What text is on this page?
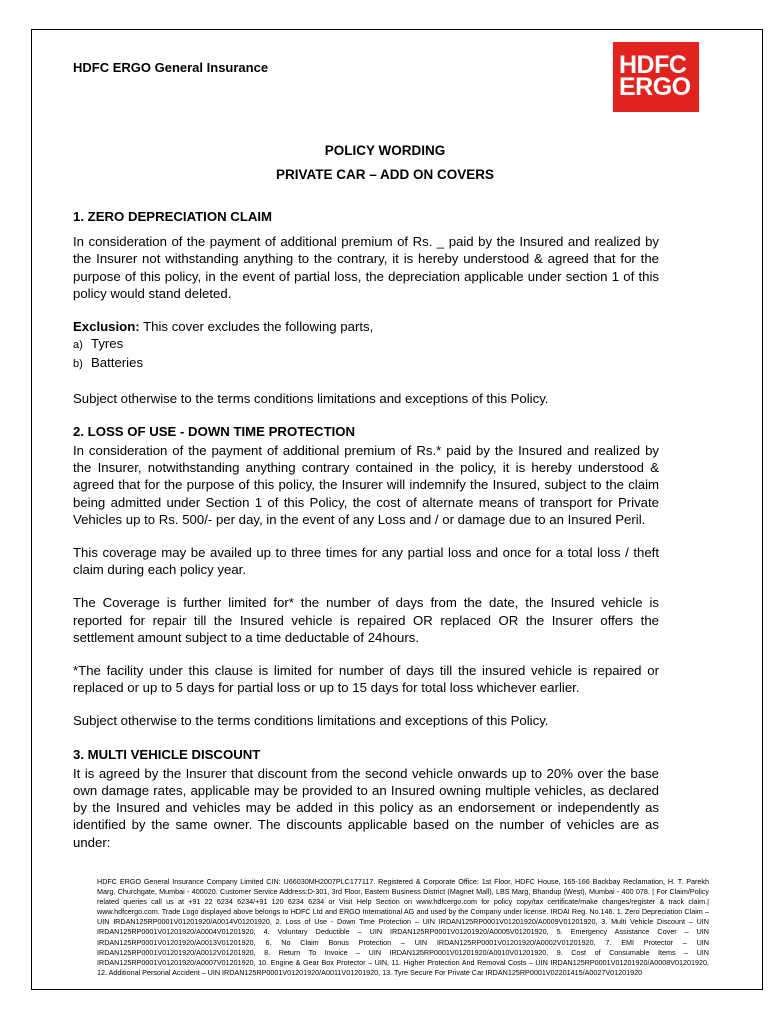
HDFC ERGO General Insurance	HDFC
ERGO
POLICY WORDING
PRIVATE CAR – ADD ON COVERS

1. ZERO DEPRECIATION CLAIM

In consideration of the payment of additional premium of Rs. _ paid by the Insured and realized by the Insurer not withstanding anything to the contrary, it is hereby understood & agreed that for the purpose of this policy, in the event of partial loss, the depreciation applicable under section 1 of this policy would stand deleted.

Exclusion: This cover excludes the following parts,

a) Tyres

b) Batteries

Subject otherwise to the terms conditions limitations and exceptions of this Policy.

2. LOSS OF USE - DOWN TIME PROTECTION

In consideration of the payment of additional premium of Rs.* paid by the Insured and realized by the Insurer, notwithstanding anything contrary contained in the policy, it is hereby understood & agreed that for the purpose of this policy, the Insurer will indemnify the Insured, subject to the claim being admitted under Section 1 of this Policy, the cost of alternate means of transport for Private Vehicles up to Rs. 500/- per day, in the event of any Loss and / or damage due to an Insured Peril.

This coverage may be availed up to three times for any partial loss and once for a total loss / theft claim during each policy year.

The Coverage is further limited for* the number of days from the date, the Insured vehicle is reported for repair till the Insured vehicle is repaired OR replaced OR the Insurer offers the settlement amount subject to a time deductable of 24hours.

*The facility under this clause is limited for number of days till the insured vehicle is repaired or replaced or up to 5 days for partial loss or up to 15 days for total loss whichever earlier.

Subject otherwise to the terms conditions limitations and exceptions of this Policy.

3. MULTI VEHICLE DISCOUNT

It is agreed by the Insurer that discount from the second vehicle onwards up to 20% over the base own damage rates, applicable may be provided to an Insured owning multiple vehicles, as declared by the Insured and vehicles may be added in this policy as an endorsement or independently as identified by the same owner. The discounts applicable based on the number of vehicles are as under:

HDFC ERGO General Insurance Company Limited CIN: U66030MH2007PLC177117. Registered & Corporate Office: 1st Floor, HDFC House, 165-166 Backbay Reclamation, H. T. Parekh Marg, Churchgate, Mumbai - 400020. Customer Service Address:D-301, 3rd Floor, Eastern Business District (Magnet Mall), LBS Marg, Bhandup (West), Mumbai - 400 078. | For Claim/Policy related queries call us at +91 22 6234 6234/+91 120 6234 6234 or Visit Help Section on www.hdfcergo.com for policy copy/tax certificate/make changes/register & track claim.| www.hdfcergo.com. Trade Logo displayed above belongs to HDFC Ltd and ERGO International AG and used by the Company under license. IRDAI Reg. No.146. 1. Zero Depreciation Claim – UIN IRDAN125RP0001V01201920/A0014V01201920, 2. Loss of Use - Down Time Protection – UIN IRDAN125RP0001V01201920/A0009V01201920, 3. Multi Vehicle Discount – UIN IRDAN125RP0001V01201920/A0004V01201920, 4. Voluntary Deductible – UIN IRDAN125RP0001V01201920/A0005V01201920, 5. Emergency Assistance Cover – UIN IRDAN125RP0001V01201920/A0013V01201920, 6. No Claim Bonus Protection – UIN IRDAN125RP0001V01201920/A0002V01201920, 7. EMI Protector – UIN IRDAN125RP0001V01201920/A0012V01201920, 8. Return To Invoice – UIN IRDAN125RP0001V01201920/A0010V01201920, 9. Cost of Consumable Items – UIN IRDAN125RP0001V01201920/A0007V01201920, 10. Engine & Gear Box Protector – UIN, 11. Higher Protection And Removal Costs – UIN IRDAN125RP0001V01201920/A0008V01201920, 12. Additional Personal Accident – UIN IRDAN125RP0001V01201920/A0011V01201920, 13. Tyre Secure For Private Car IRDAN125RP0001V02201415/A0027V01201920
